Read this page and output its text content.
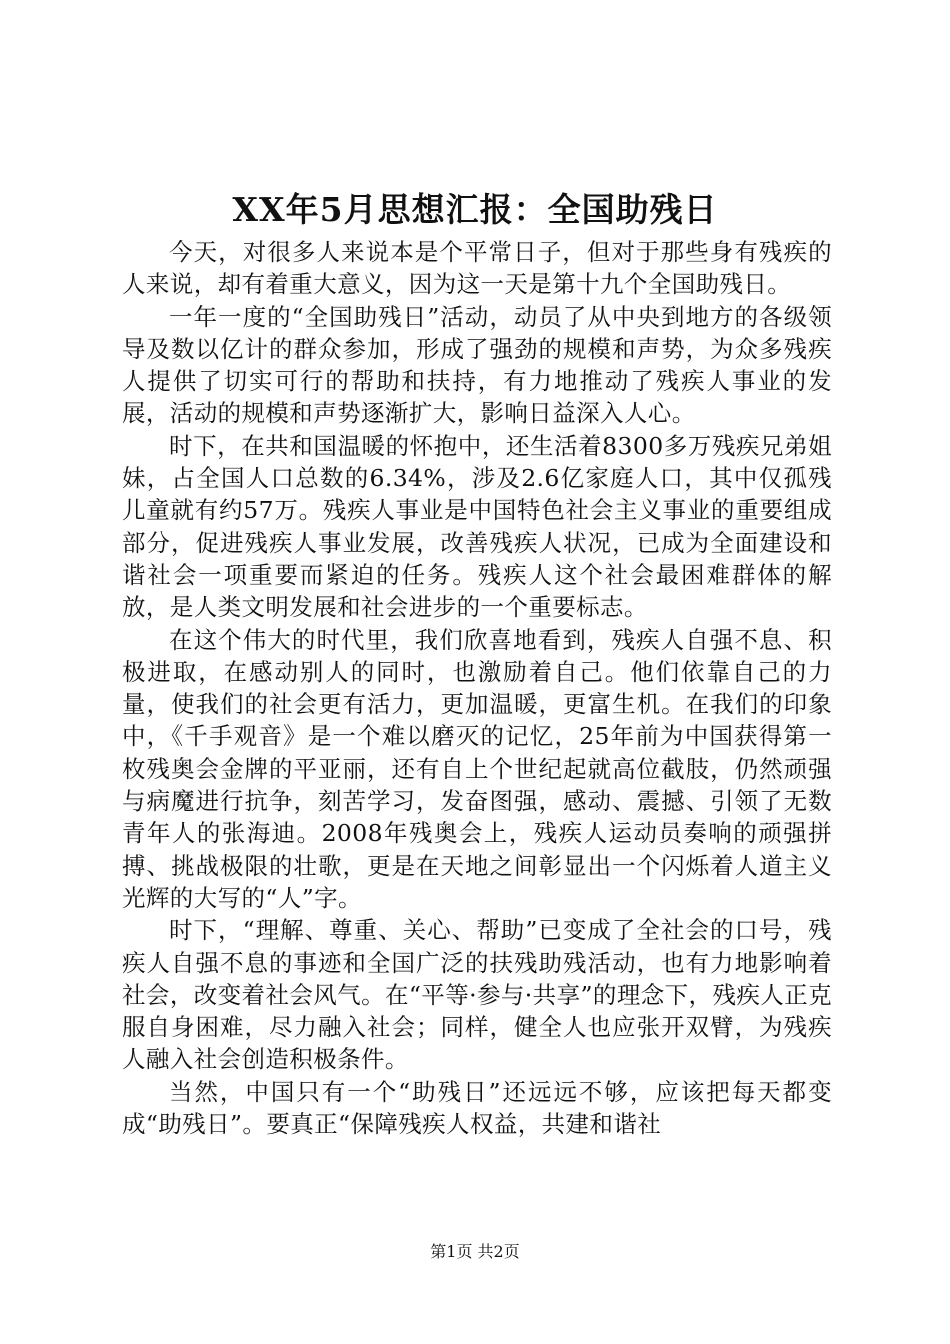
XX年5月思想汇报：全国助残日

今天，对很多人来说本是个平常日子，但对于那些身有残疾的人来说，却有着重大意义，因为这一天是第十九个全国助残日。

一年一度的“全国助残日”活动，动员了从中央到地方的各级领导及数以亿计的群众参加，形成了强劲的规模和声势，为众多残疾人提供了切实可行的帮助和扶持，有力地推动了残疾人事业的发展，活动的规模和声势逐渐扩大，影响日益深入人心。

时下，在共和国温暖的怀抱中，还生活着8300多万残疾兄弟姐妹，占全国人口总数的6.34%，涉及2.6亿家庭人口，其中仅孤残儿童就有约57万。残疾人事业是中国特色社会主义事业的重要组成部分，促进残疾人事业发展，改善残疾人状况，已成为全面建设和谐社会一项重要而紧迫的任务。残疾人这个社会最困难群体的解放，是人类文明发展和社会进步的一个重要标志。

在这个伟大的时代里，我们欣喜地看到，残疾人自强不息、积极进取，在感动别人的同时，也激励着自己。他们依靠自己的力量，使我们的社会更有活力，更加温暖，更富生机。在我们的印象中，《千手观音》是一个难以磨灭的记忆，25年前为中国获得第一枚残奥会金牌的平亚丽，还有自上个世纪起就高位截肢，仍然顽强与病魔进行抗争，刻苦学习，发奋图强，感动、震撼、引领了无数青年人的张海迪。2008年残奥会上，残疾人运动员奏响的顽强拼搏、挑战极限的壮歌，更是在天地之间彰显出一个闪烁着人道主义光辉的大写的“人”字。

时下，“理解、尊重、关心、帮助”已变成了全社会的口号，残疾人自强不息的事迹和全国广泛的扶残助残活动，也有力地影响着社会，改变着社会风气。在“平等·参与·共享”的理念下，残疾人正克服自身困难，尽力融入社会；同样，健全人也应张开双臂，为残疾人融入社会创造积极条件。

当然，中国只有一个“助残日”还远远不够，应该把每天都变成“助残日”。要真正“保障残疾人权益，共建和谐社

第1页 共2页
